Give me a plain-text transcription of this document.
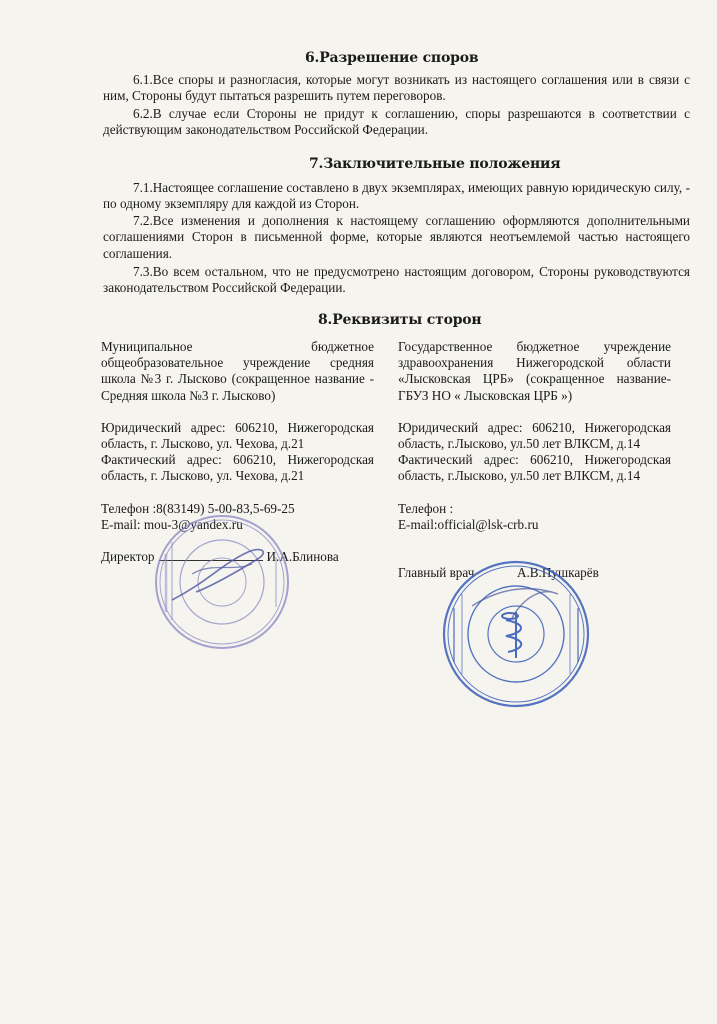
6.Разрешение споров
6.1.Все споры и разногласия, которые могут возникать из настоящего соглашения или в связи с ним, Стороны будут пытаться разрешить путем переговоров.
6.2.В случае если Стороны не придут к соглашению, споры разрешаются в соответствии с действующим законодательством Российской Федерации.
7.Заключительные положения
7.1.Настоящее соглашение составлено в двух экземплярах, имеющих равную юридическую силу, - по одному экземпляру для каждой из Сторон.
7.2.Все изменения и дополнения к настоящему соглашению оформляются дополнительными соглашениями Сторон в письменной форме, которые являются неотъемлемой частью настоящего соглашения.
7.3.Во всем остальном, что не предусмотрено настоящим договором, Стороны руководствуются законодательством Российской Федерации.
8.Реквизиты сторон

Муниципальное бюджетное общеобразовательное учреждение средняя школа №3 г. Лысково (сокращенное название - Средняя школа №3 г. Лысково)

Юридический адрес: 606210, Нижегородская область, г. Лысково, ул. Чехова, д.21

Фактический адрес: 606210, Нижегородская область, г. Лысково, ул. Чехова, д.21

Телефон :8(83149) 5-00-83,5-69-25

E-mail: mou-3@yandex.ru

Директор	И.А.Блинова

Государственное бюджетное учреждение здравоохранения Нижегородской области «Лысковская ЦРБ» (сокращенное название-ГБУЗ НО « Лысковская ЦРБ »)

Юридический адрес: 606210, Нижегородская область, г.Лысково, ул.50 лет ВЛКСМ, д.14

Фактический адрес: 606210, Нижегородская область, г.Лысково, ул.50 лет ВЛКСМ, д.14

Телефон :

E-mail:official@lsk-crb.ru

Главный врач	А.В.Пушкарёв
